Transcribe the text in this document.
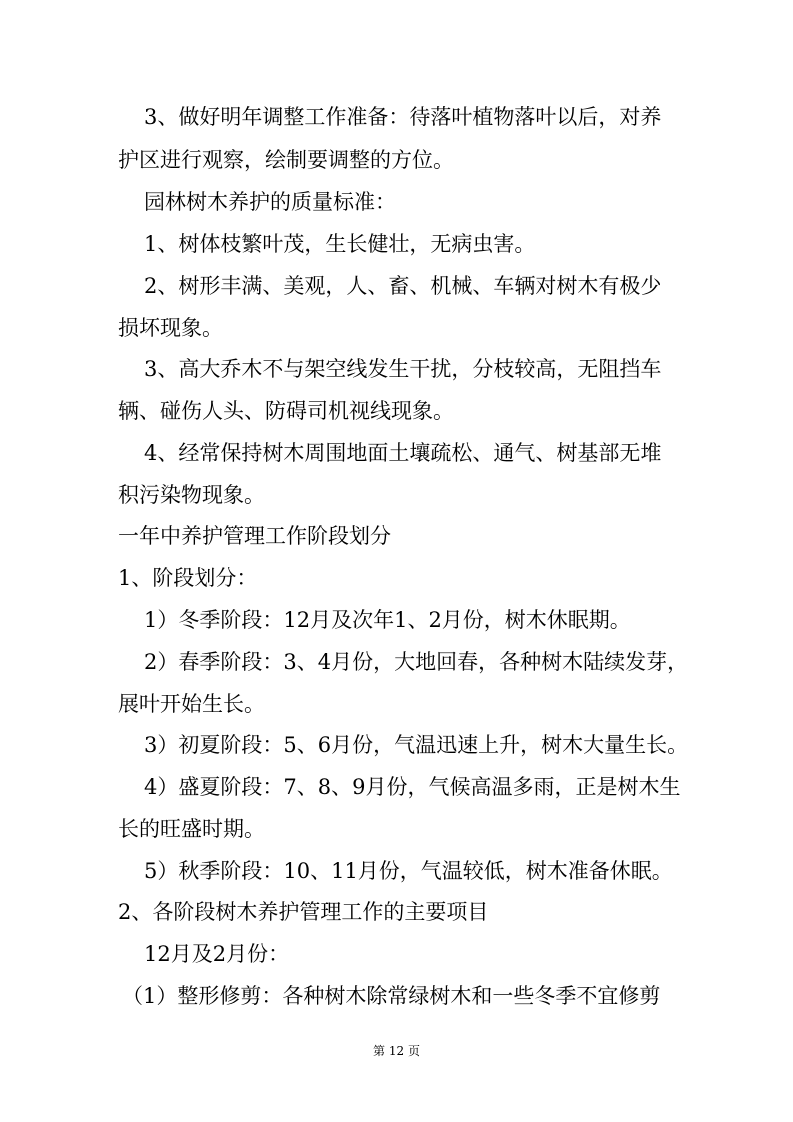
3、做好明年调整工作准备：待落叶植物落叶以后，对养
护区进行观察，绘制要调整的方位。
园林树木养护的质量标准：
1、树体枝繁叶茂，生长健壮，无病虫害。
2、树形丰满、美观，人、畜、机械、车辆对树木有极少
损坏现象。
3、高大乔木不与架空线发生干扰，分枝较高，无阻挡车
辆、碰伤人头、防碍司机视线现象。
4、经常保持树木周围地面土壤疏松、通气、树基部无堆
积污染物现象。
一年中养护管理工作阶段划分
1、阶段划分：
1）冬季阶段：12月及次年1、2月份，树木休眠期。
2）春季阶段：3、4月份，大地回春，各种树木陆续发芽，
展叶开始生长。
3）初夏阶段：5、6月份，气温迅速上升，树木大量生长。
4）盛夏阶段：7、8、9月份，气候高温多雨，正是树木生
长的旺盛时期。
5）秋季阶段：10、11月份，气温较低，树木准备休眠。
2、各阶段树木养护管理工作的主要项目
12月及2月份：
（1）整形修剪：各种树木除常绿树木和一些冬季不宜修剪
第 12 页
